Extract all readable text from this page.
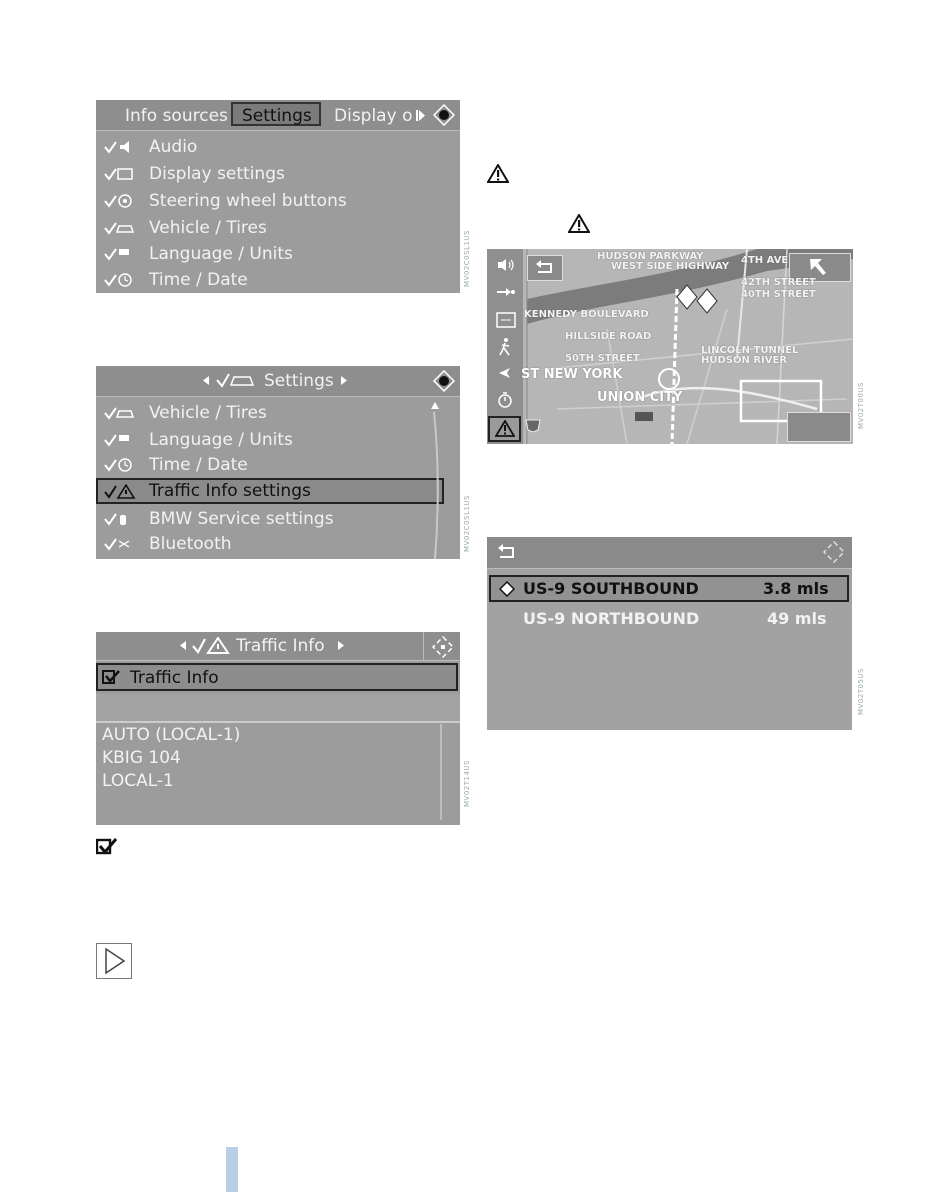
Info sources Settings Display o
Audio
Display settings
Steering wheel buttons
Vehicle / Tires
Language / Units
Time / Date	MV02C0SL1US
Settings
Vehicle / Tires
Language / Units
Time / Date
Traffic Info settings
BMW Service settings
Bluetooth	MV02C0SL1US
Traffic Info
Traffic Info
AUTO (LOCAL-1)
KBIG 104
LOCAL-1	MV02T14US
HUDSON PARKWAY
WEST SIDE HIGHWAY
KENNEDY BOULEVARD
HILLSIDE ROAD
50TH STREET
LINCOLN TUNNEL
HUDSON RIVER
ST NEW YORK
UNION CITY
4TH AVE
42TH STREET
40TH STREET
MV02T00US
US-9 SOUTHBOUND	3.8 mls
US-9 NORTHBOUND	49 mls
MV02T05US
